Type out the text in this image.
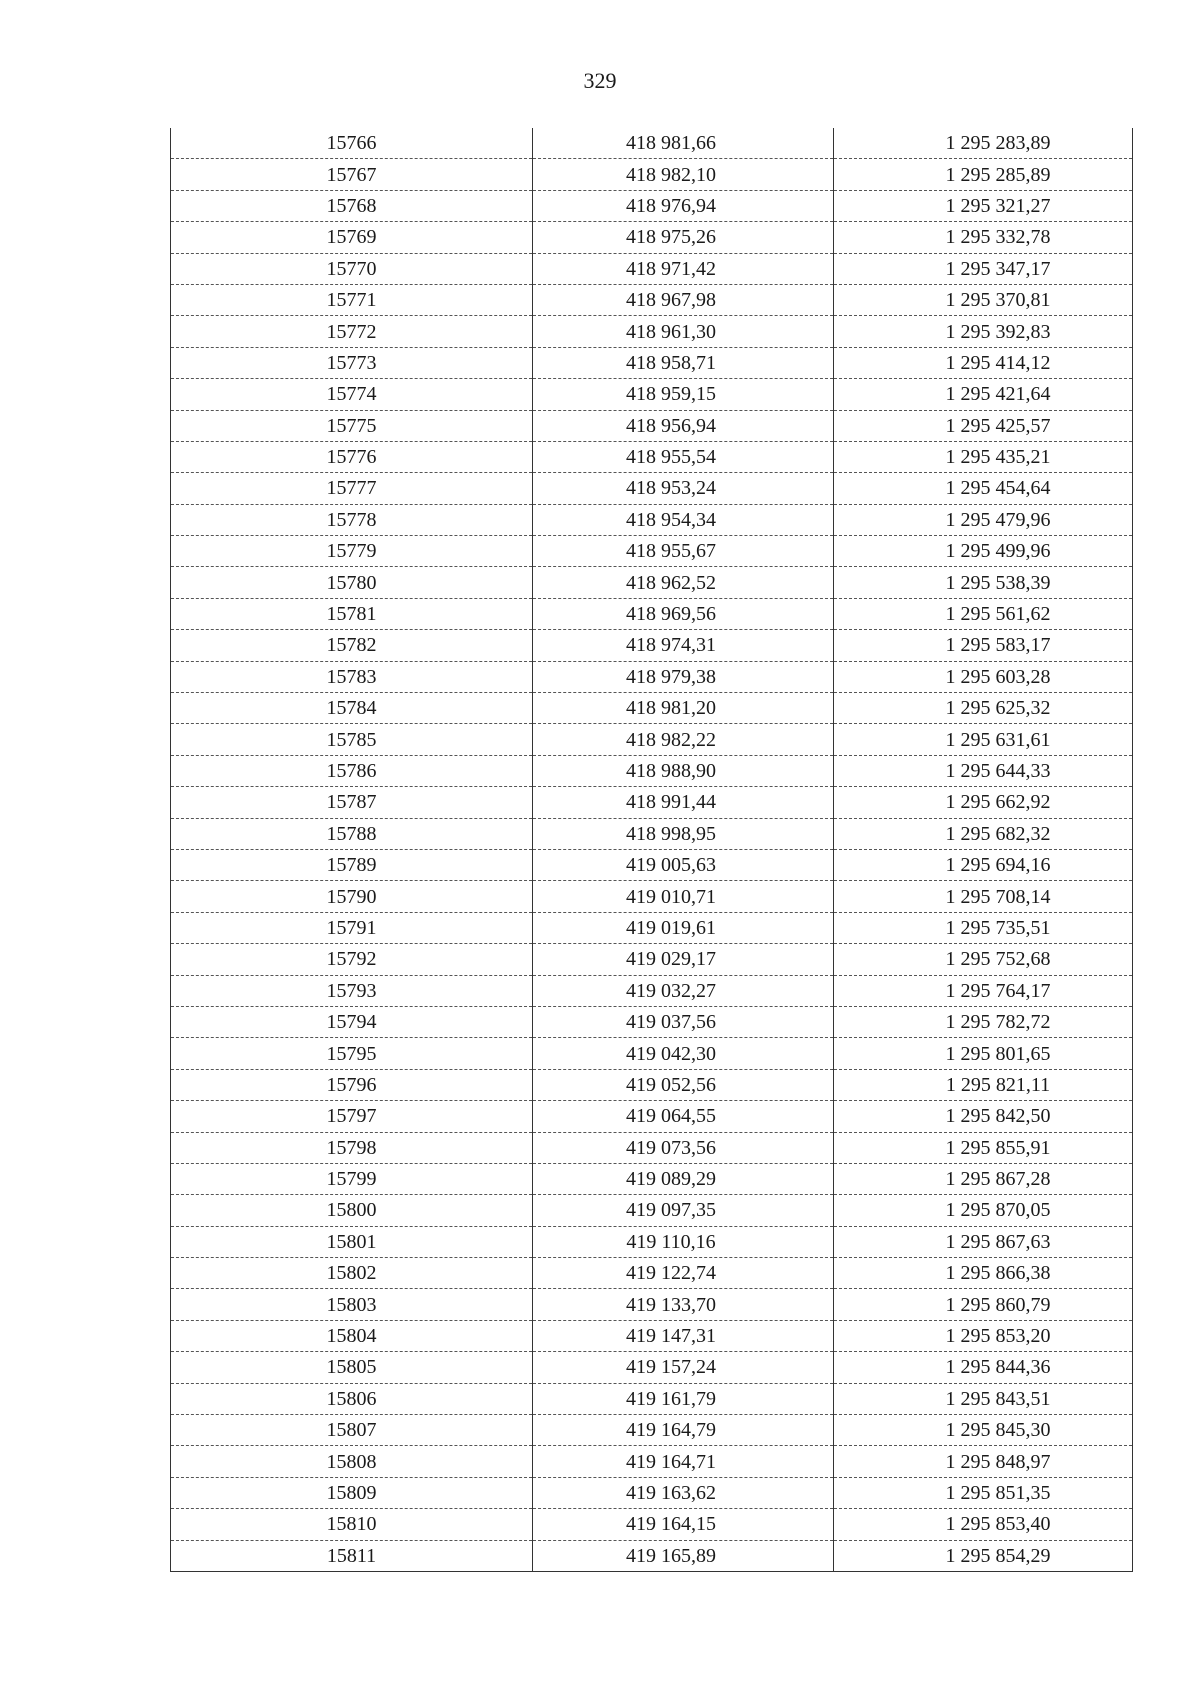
329
15766	418 981,66	1 295 283,89
15767	418 982,10	1 295 285,89
15768	418 976,94	1 295 321,27
15769	418 975,26	1 295 332,78
15770	418 971,42	1 295 347,17
15771	418 967,98	1 295 370,81
15772	418 961,30	1 295 392,83
15773	418 958,71	1 295 414,12
15774	418 959,15	1 295 421,64
15775	418 956,94	1 295 425,57
15776	418 955,54	1 295 435,21
15777	418 953,24	1 295 454,64
15778	418 954,34	1 295 479,96
15779	418 955,67	1 295 499,96
15780	418 962,52	1 295 538,39
15781	418 969,56	1 295 561,62
15782	418 974,31	1 295 583,17
15783	418 979,38	1 295 603,28
15784	418 981,20	1 295 625,32
15785	418 982,22	1 295 631,61
15786	418 988,90	1 295 644,33
15787	418 991,44	1 295 662,92
15788	418 998,95	1 295 682,32
15789	419 005,63	1 295 694,16
15790	419 010,71	1 295 708,14
15791	419 019,61	1 295 735,51
15792	419 029,17	1 295 752,68
15793	419 032,27	1 295 764,17
15794	419 037,56	1 295 782,72
15795	419 042,30	1 295 801,65
15796	419 052,56	1 295 821,11
15797	419 064,55	1 295 842,50
15798	419 073,56	1 295 855,91
15799	419 089,29	1 295 867,28
15800	419 097,35	1 295 870,05
15801	419 110,16	1 295 867,63
15802	419 122,74	1 295 866,38
15803	419 133,70	1 295 860,79
15804	419 147,31	1 295 853,20
15805	419 157,24	1 295 844,36
15806	419 161,79	1 295 843,51
15807	419 164,79	1 295 845,30
15808	419 164,71	1 295 848,97
15809	419 163,62	1 295 851,35
15810	419 164,15	1 295 853,40
15811	419 165,89	1 295 854,29
